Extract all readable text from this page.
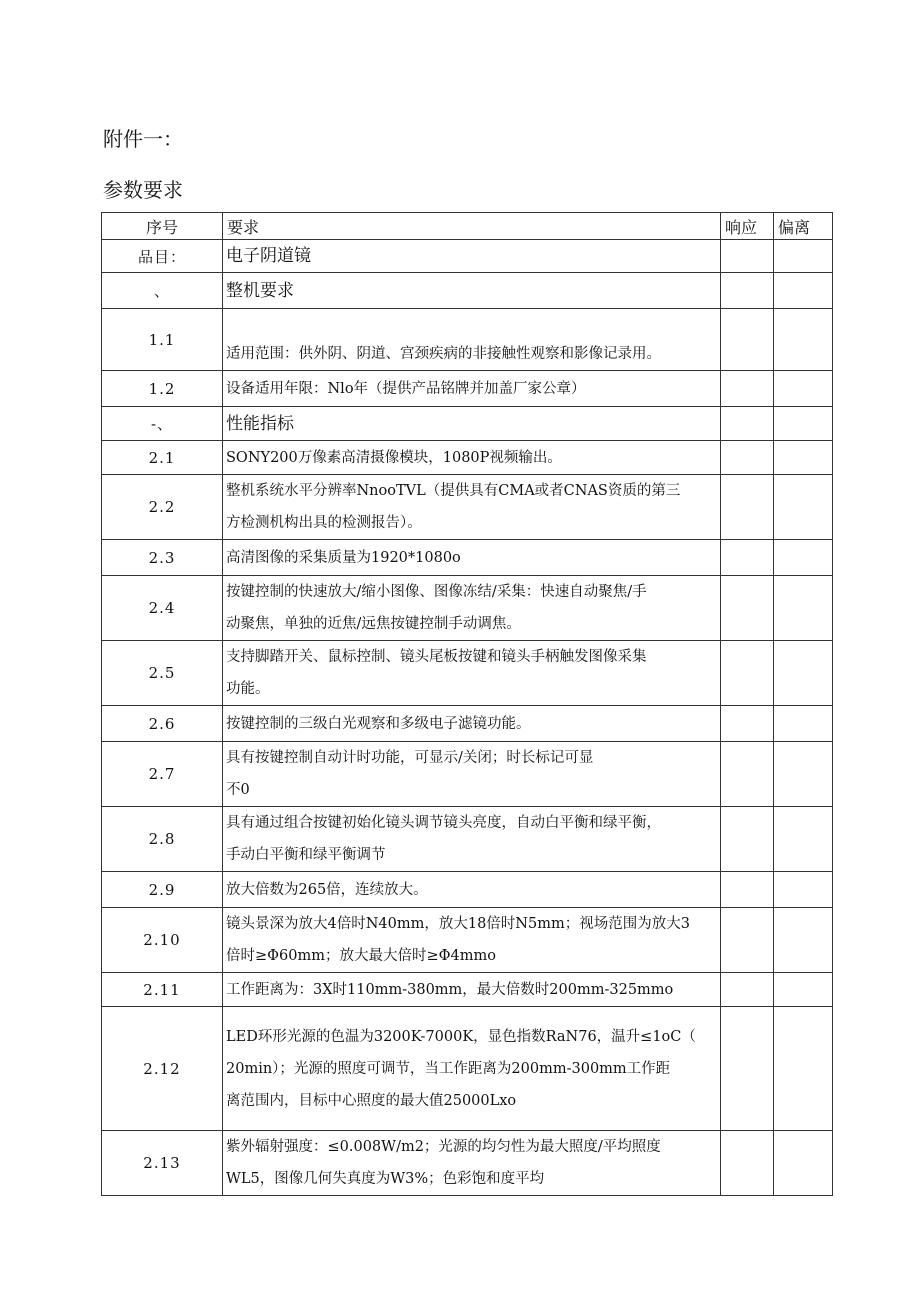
附件一：
参数要求
序号	要求	响应	偏离
品目：	电子阴道镜		

、	整机要求		

1.1	适用范围：供外阴、阴道、宫颈疾病的非接触性观察和影像记录用。		

1.2	设备适用年限：Nlo年（提供产品铭牌并加盖厂家公章）		

-、	性能指标		

2.1	SONY200万像素高清摄像模块，1080P视频输出。		

2.2	整机系统水平分辨率NnooTVL（提供具有CMA或者CNAS资质的第三
方检测机构出具的检测报告）。		

2.3	高清图像的采集质量为1920*1080o		

2.4	按键控制的快速放大/缩小图像、图像冻结/采集：快速自动聚焦/手
动聚焦，单独的近焦/远焦按键控制手动调焦。		

2.5	支持脚踏开关、鼠标控制、镜头尾板按键和镜头手柄触发图像采集
功能。		

2.6	按键控制的三级白光观察和多级电子滤镜功能。		

2.7	具有按键控制自动计时功能，可显示/关闭；时长标记可显
不0		

2.8	具有通过组合按键初始化镜头调节镜头亮度，自动白平衡和绿平衡，
手动白平衡和绿平衡调节		

2.9	放大倍数为265倍，连续放大。		

2.10	镜头景深为放大4倍时N40mm，放大18倍时N5mm；视场范围为放大3
倍时≥Φ60mm；放大最大倍时≥Φ4mmo		

2.11	工作距离为：3X时110mm-380mm，最大倍数时200mm-325mmo		

2.12	LED环形光源的色温为3200K-7000K，显色指数RaN76，温升≤1oC（
20min）；光源的照度可调节，当工作距离为200mm-300mm工作距
离范围内，目标中心照度的最大值25000Lxo		

2.13	紫外辐射强度：≤0.008W/m2；光源的均匀性为最大照度/平均照度
WL5，图像几何失真度为W3%；色彩饱和度平均		
